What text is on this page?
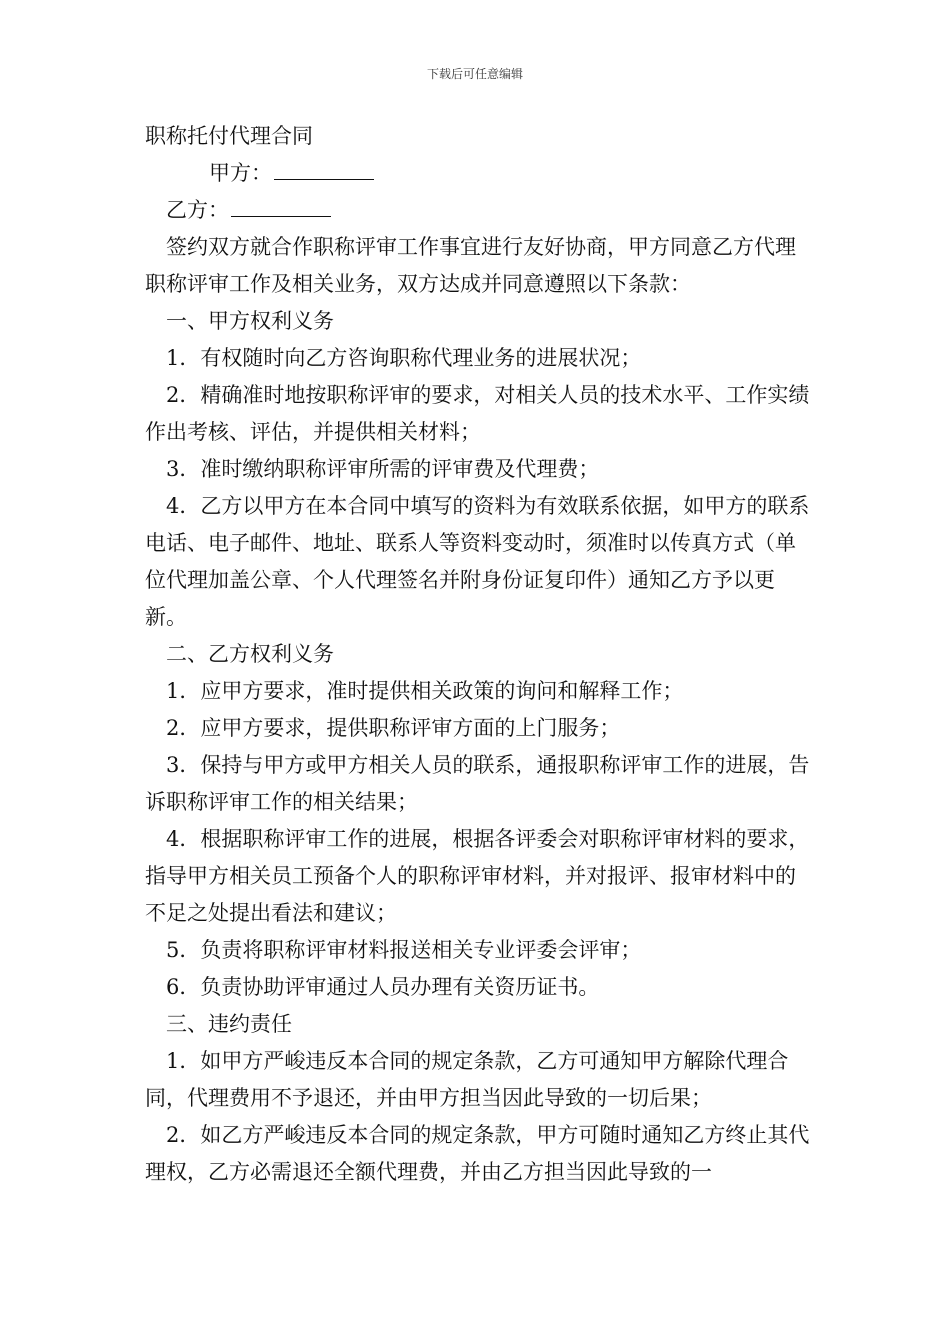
下载后可任意编辑

职称托付代理合同

甲方：

乙方：

签约双方就合作职称评审工作事宜进行友好协商，甲方同意乙方代理职称评审工作及相关业务，双方达成并同意遵照以下条款：

一、甲方权利义务

1．有权随时向乙方咨询职称代理业务的进展状况；

2．精确准时地按职称评审的要求，对相关人员的技术水平、工作实绩作出考核、评估，并提供相关材料；

3．准时缴纳职称评审所需的评审费及代理费；

4．乙方以甲方在本合同中填写的资料为有效联系依据，如甲方的联系电话、电子邮件、地址、联系人等资料变动时，须准时以传真方式（单位代理加盖公章、个人代理签名并附身份证复印件）通知乙方予以更新。

二、乙方权利义务

1．应甲方要求，准时提供相关政策的询问和解释工作；

2．应甲方要求，提供职称评审方面的上门服务；

3．保持与甲方或甲方相关人员的联系，通报职称评审工作的进展，告诉职称评审工作的相关结果；

4．根据职称评审工作的进展，根据各评委会对职称评审材料的要求，指导甲方相关员工预备个人的职称评审材料，并对报评、报审材料中的不足之处提出看法和建议；

5．负责将职称评审材料报送相关专业评委会评审；

6．负责协助评审通过人员办理有关资历证书。

三、违约责任

1．如甲方严峻违反本合同的规定条款，乙方可通知甲方解除代理合同，代理费用不予退还，并由甲方担当因此导致的一切后果；

2．如乙方严峻违反本合同的规定条款，甲方可随时通知乙方终止其代理权，乙方必需退还全额代理费，并由乙方担当因此导致的一
